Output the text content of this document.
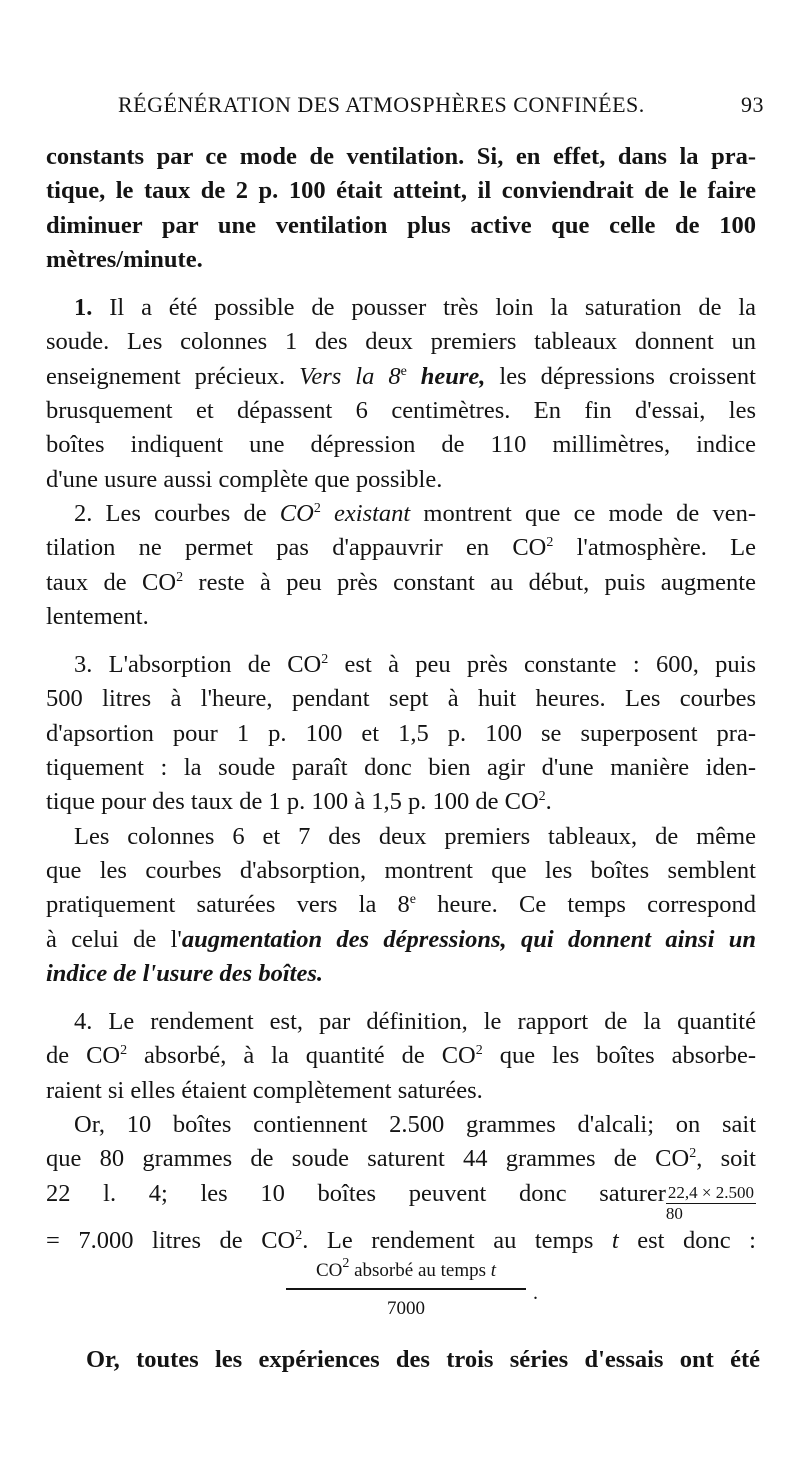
RÉGÉNÉRATION DES ATMOSPHÈRES CONFINÉES.	93
constants par ce mode de ventilation. Si, en effet, dans la pra-
tique, le taux de 2 p. 100 était atteint, il conviendrait de le faire
diminuer par une ventilation plus active que celle de 100
mètres/minute.
1. Il a été possible de pousser très loin la saturation de la
soude. Les colonnes 1 des deux premiers tableaux donnent un
enseignement précieux. Vers la 8e heure, les dépressions croissent
brusquement et dépassent 6 centimètres. En fin d'essai, les
boîtes indiquent une dépression de 110 millimètres, indice
d'une usure aussi complète que possible.
2. Les courbes de $CO^2$ existant montrent que ce mode de ven-
tilation ne permet pas d'appauvrir en $CO^2$ l'atmosphère. Le
taux de $CO^2$ reste à peu près constant au début, puis augmente
lentement.
3. L'absorption de $CO^2$ est à peu près constante : 600, puis
500 litres à l'heure, pendant sept à huit heures. Les courbes
d'apsortion pour 1 p. 100 et 1,5 p. 100 se superposent pra-
tiquement : la soude paraît donc bien agir d'une manière iden-
tique pour des taux de 1 p. 100 à 1,5 p. 100 de $CO^2$.
Les colonnes 6 et 7 des deux premiers tableaux, de même
que les courbes d'absorption, montrent que les boîtes semblent
pratiquement saturées vers la 8e heure. Ce temps correspond
à celui de l'augmentation des dépressions, qui donnent ainsi un
indice de l'usure des boîtes.
4. Le rendement est, par définition, le rapport de la quantité
de $CO^2$ absorbé, à la quantité de $CO^2$ que les boîtes absorbe-
raient si elles étaient complètement saturées.
Or, 10 boîtes contiennent 2.500 grammes d'alcali; on sait
que 80 grammes de soude saturent 44 grammes de $CO^2$, soit
22 l. 4; les 10 boîtes peuvent donc saturer $\frac{22,4 \times 2.500}{80}$
= 7.000 litres de $CO^2$. Le rendement au temps t est donc :
$CO^2$ absorbé au temps t
7000
.
Or, toutes les expériences des trois séries d'essais ont été
